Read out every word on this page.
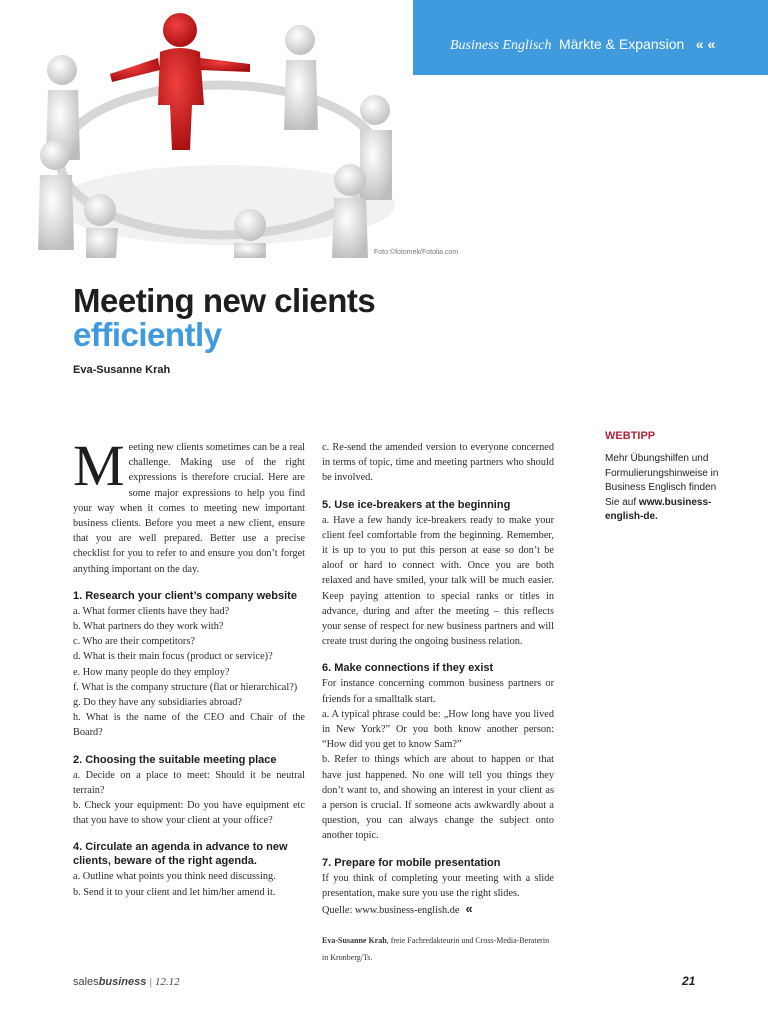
Foto:©fotomek/Fotolia.com
Business Englisch Märkte & Expansion « «
Meeting new clients
efficiently
Eva-Susanne Krah

Meeting new clients sometimes can be a real challenge. Making use of the right expressions is therefore crucial. Here are some major expressions to help you find your way when it comes to meeting new important business clients. Before you meet a new client, ensure that you are well prepared. Better use a precise checklist for you to refer to and ensure you don’t forget anything important on the day.

1. Research your client’s company website

a. What former clients have they had?

b. What partners do they work with?

c. Who are their competitors?

d. What is their main focus (product or service)?

e. How many people do they employ?

f. What is the company structure (flat or hierarchical?)

g. Do they have any subsidiaries abroad?

h. What is the name of the CEO and Chair of the Board?

2. Choosing the suitable meeting place

a. Decide on a place to meet: Should it be neutral terrain?

b. Check your equipment: Do you have equipment etc that you have to show your client at your office?

4. Circulate an agenda in advance to new clients, beware of the right agenda.

a. Outline what points you think need discussing.

b. Send it to your client and let him/her amend it.

c. Re-send the amended version to everyone concerned in terms of topic, time and meeting partners who should be involved.

5. Use ice-breakers at the beginning

a. Have a few handy ice-breakers ready to make your client feel comfortable from the beginning. Remember, it is up to you to put this person at ease so don’t be aloof or hard to connect with. Once you are both relaxed and have smiled, your talk will be much easier. Keep paying attention to special ranks or titles in advance, during and after the meeting – this reflects your sense of respect for new business partners and will create trust during the ongoing business relation.

6. Make connections if they exist

For instance concerning common business partners or friends for a smalltalk start.

a. A typical phrase could be: „How long have you lived in New York?” Or you both know another person: “How did you get to know Sam?”

b. Refer to things which are about to happen or that have just happened. No one will tell you things they don’t want to, and showing an interest in your client as a person is crucial. If someone acts awkwardly about a question, you can always change the subject onto another topic.

7. Prepare for mobile presentation

If you think of completing your meeting with a slide presentation, make sure you use the right slides.

Quelle: www.business-english.de «

Eva-Susanne Krah, freie Fachredakteurin und Cross-Media-Beraterin in Kronberg/Ts.
WEBTIPP
Mehr Übungshilfen und Formulierungshinweise in Business Englisch finden Sie auf www.business-english-de.
salesbusiness | 12.12	21
